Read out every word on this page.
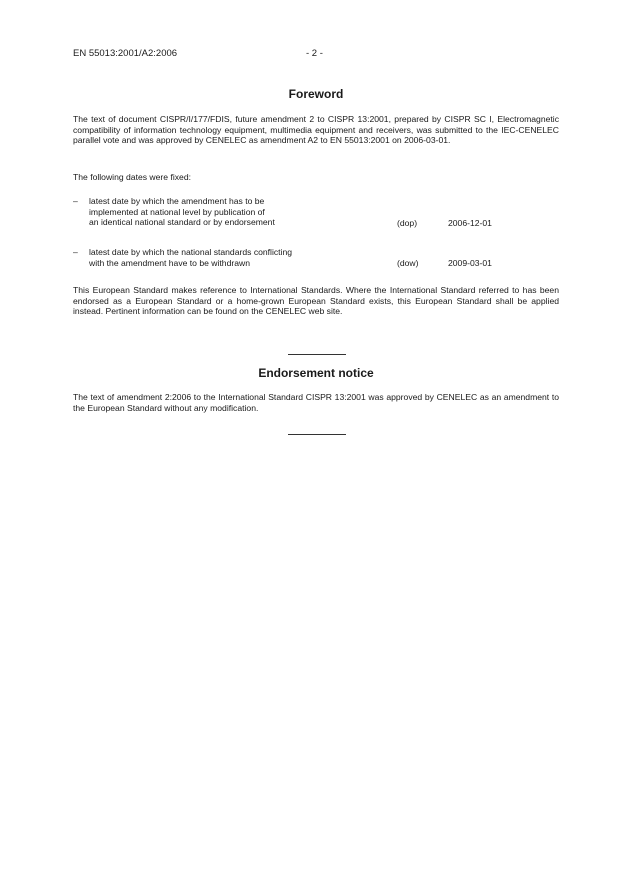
EN 55013:2001/A2:2006	- 2 -
Foreword

The text of document CISPR/I/177/FDIS, future amendment 2 to CISPR 13:2001, prepared by CISPR SC I, Electromagnetic compatibility of information technology equipment, multimedia equipment and receivers, was submitted to the IEC-CENELEC parallel vote and was approved by CENELEC as amendment A2 to EN 55013:2001 on 2006-03-01.

The following dates were fixed:

– latest date by which the amendment has to be
implemented at national level by publication of
an identical national standard or by endorsement	(dop)	2006-12-01
– latest date by which the national standards conflicting
with the amendment have to be withdrawn	(dow)	2009-03-01

This European Standard makes reference to International Standards. Where the International Standard referred to has been endorsed as a European Standard or a home-grown European Standard exists, this European Standard shall be applied instead. Pertinent information can be found on the CENELEC web site.

Endorsement notice

The text of amendment 2:2006 to the International Standard CISPR 13:2001 was approved by CENELEC as an amendment to the European Standard without any modification.
